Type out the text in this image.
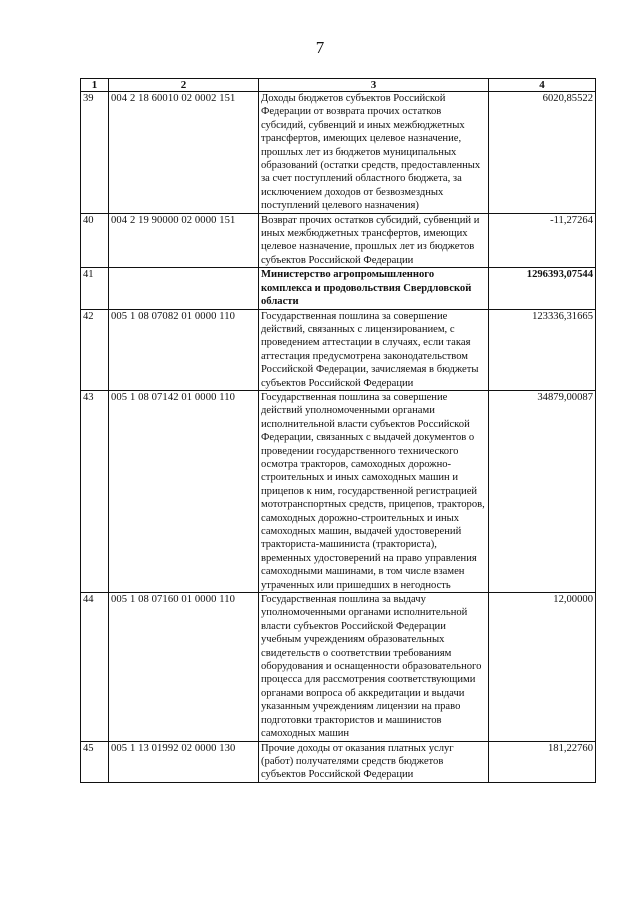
7
1	2	3	4
39	004 2 18 60010 02 0002 151	Доходы бюджетов субъектов Российской Федерации от возврата прочих остатков субсидий, субвенций и иных межбюджетных трансфертов, имеющих целевое назначение, прошлых лет из бюджетов муниципальных образований (остатки средств, предоставленных за счет поступлений областного бюджета, за исключением доходов от безвозмездных поступлений целевого назначения)	6020,85522
40	004 2 19 90000 02 0000 151	Возврат прочих остатков субсидий, субвенций и иных межбюджетных трансфертов, имеющих целевое назначение, прошлых лет из бюджетов субъектов Российской Федерации	-11,27264
41		Министерство агропромышленного комплекса и продовольствия Свердловской области	1296393,07544
42	005 1 08 07082 01 0000 110	Государственная пошлина за совершение действий, связанных с лицензированием, с проведением аттестации в случаях, если такая аттестация предусмотрена законодательством Российской Федерации, зачисляемая в бюджеты субъектов Российской Федерации	123336,31665
43	005 1 08 07142 01 0000 110	Государственная пошлина за совершение действий уполномоченными органами исполнительной власти субъектов Российской Федерации, связанных с выдачей документов о проведении государственного технического осмотра тракторов, самоходных дорожно-строительных и иных самоходных машин и прицепов к ним, государственной регистрацией мототранспортных средств, прицепов, тракторов, самоходных дорожно-строительных и иных самоходных машин, выдачей удостоверений тракториста-машиниста (тракториста), временных удостоверений на право управления самоходными машинами, в том числе взамен утраченных или пришедших в негодность	34879,00087
44	005 1 08 07160 01 0000 110	Государственная пошлина за выдачу уполномоченными органами исполнительной власти субъектов Российской Федерации учебным учреждениям образовательных свидетельств о соответствии требованиям оборудования и оснащенности образовательного процесса для рассмотрения соответствующими органами вопроса об аккредитации и выдачи указанным учреждениям лицензии на право подготовки трактористов и машинистов самоходных машин	12,00000
45	005 1 13 01992 02 0000 130	Прочие доходы от оказания платных услуг (работ) получателями средств бюджетов субъектов Российской Федерации	181,22760
